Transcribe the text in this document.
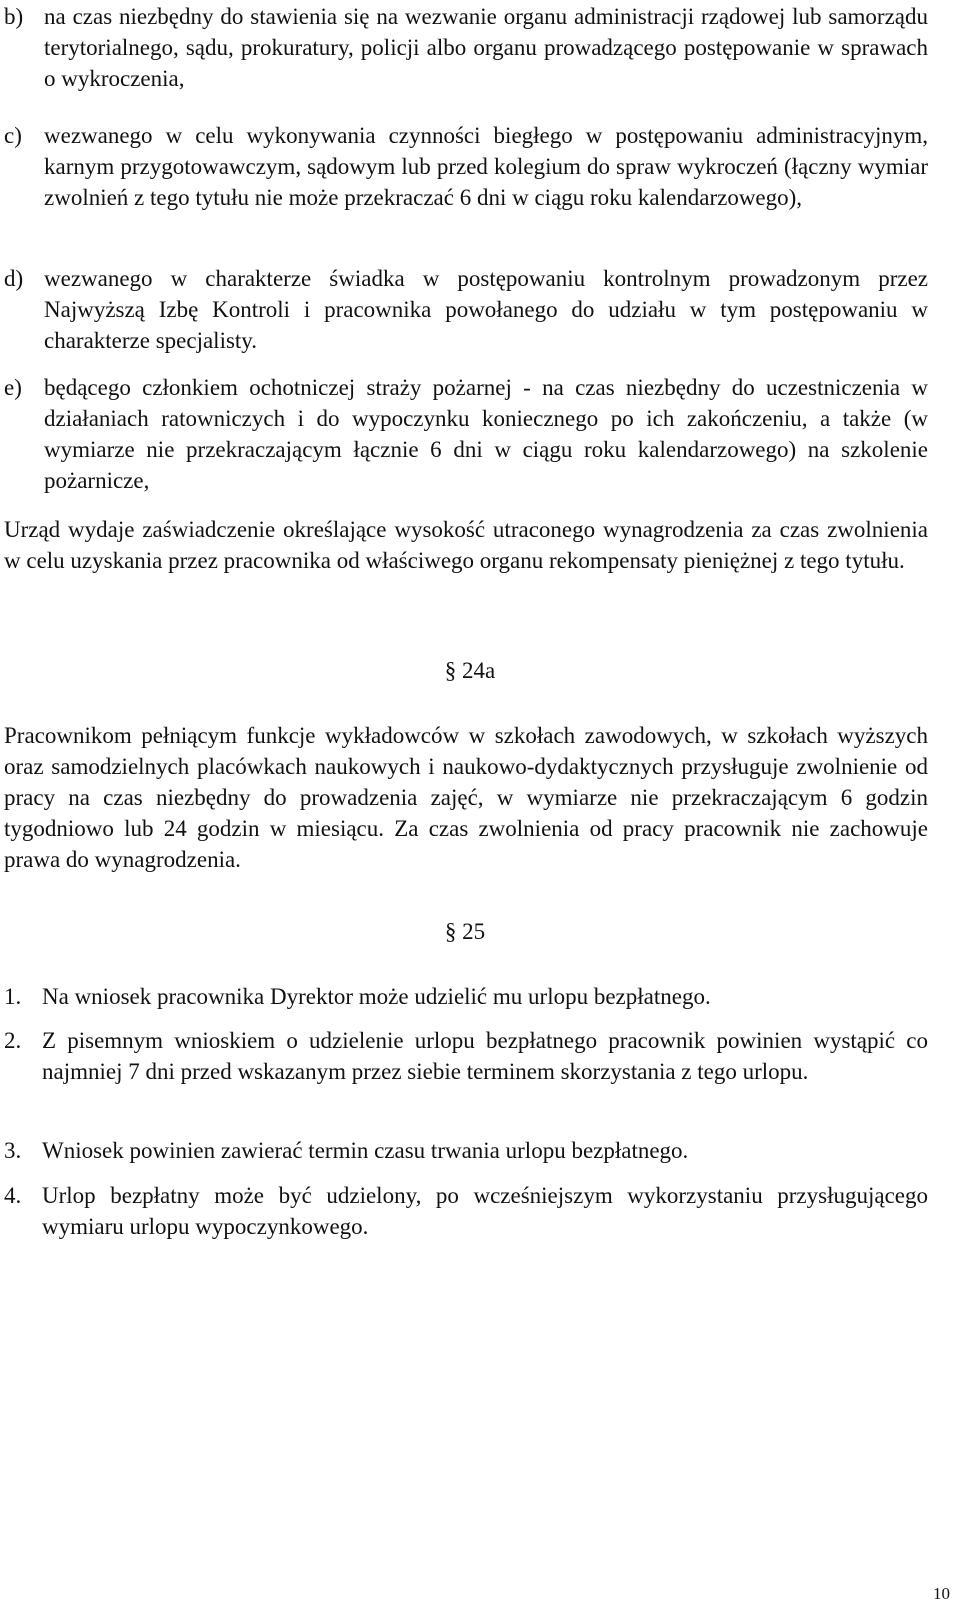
b) na czas niezbędny do stawienia się na wezwanie organu administracji rządowej lub samorządu terytorialnego, sądu, prokuratury, policji albo organu prowadzącego postępowanie w sprawach o wykroczenia,
c) wezwanego w celu wykonywania czynności biegłego w postępowaniu administracyjnym, karnym przygotowawczym, sądowym lub przed kolegium do spraw wykroczeń (łączny wymiar zwolnień z tego tytułu nie może przekraczać 6 dni w ciągu roku kalendarzowego),
d) wezwanego w charakterze świadka w postępowaniu kontrolnym prowadzonym przez Najwyższą Izbę Kontroli i pracownika powołanego do udziału w tym postępowaniu w charakterze specjalisty.
e) będącego członkiem ochotniczej straży pożarnej - na czas niezbędny do uczestniczenia w działaniach ratowniczych i do wypoczynku koniecznego po ich zakończeniu, a także (w wymiarze nie przekraczającym łącznie 6 dni w ciągu roku kalendarzowego) na szkolenie pożarnicze,
Urząd wydaje zaświadczenie określające wysokość utraconego wynagrodzenia za czas zwolnienia w celu uzyskania przez pracownika od właściwego organu rekompensaty pieniężnej z tego tytułu.
§ 24a
Pracownikom pełniącym funkcje wykładowców w szkołach zawodowych, w szkołach wyższych oraz samodzielnych placówkach naukowych i naukowo-dydaktycznych przysługuje zwolnienie od pracy na czas niezbędny do prowadzenia zajęć, w wymiarze nie przekraczającym 6 godzin tygodniowo lub 24 godzin w miesiącu. Za czas zwolnienia od pracy pracownik nie zachowuje prawa do wynagrodzenia.
§ 25
1. Na wniosek pracownika Dyrektor może udzielić mu urlopu bezpłatnego.
2. Z pisemnym wnioskiem o udzielenie urlopu bezpłatnego pracownik powinien wystąpić co najmniej 7 dni przed wskazanym przez siebie terminem skorzystania z tego urlopu.
3. Wniosek powinien zawierać termin czasu trwania urlopu bezpłatnego.
4. Urlop bezpłatny może być udzielony, po wcześniejszym wykorzystaniu przysługującego wymiaru urlopu wypoczynkowego.
10
